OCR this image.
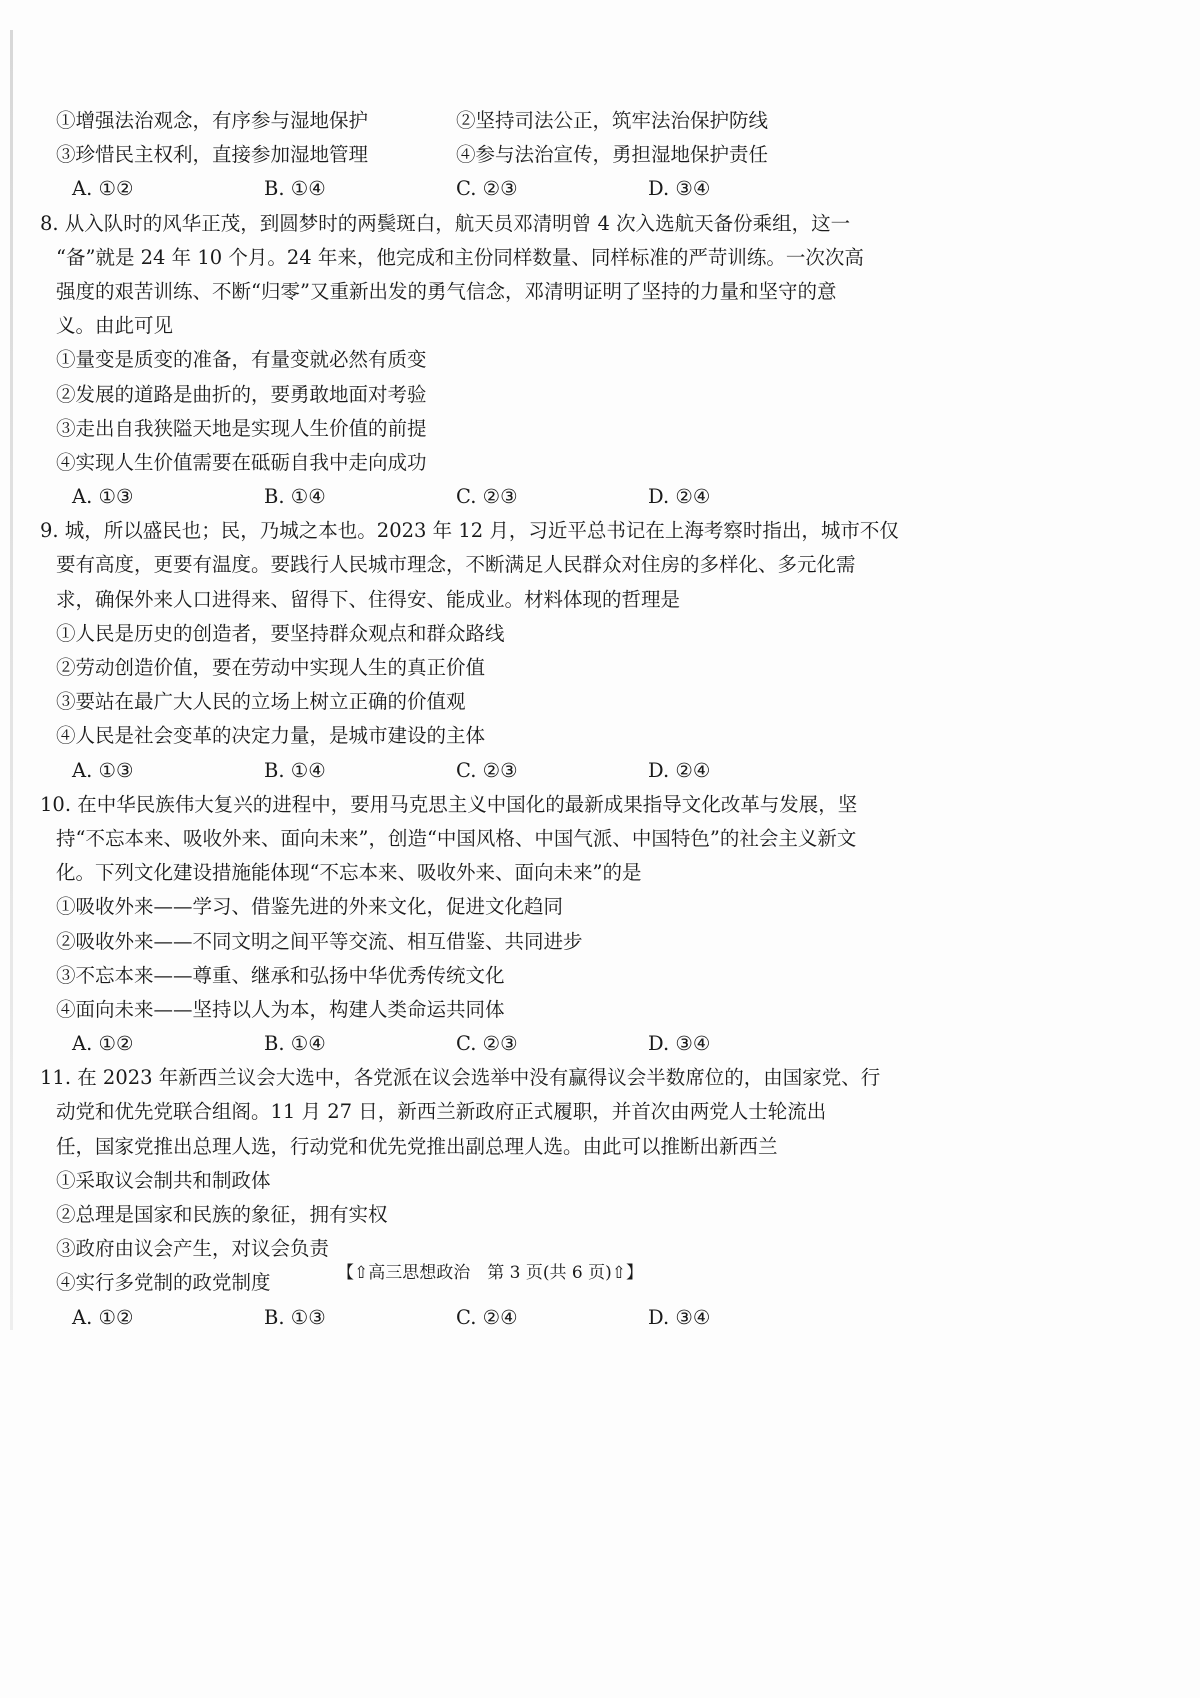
①增强法治观念，有序参与湿地保护	②坚持司法公正，筑牢法治保护防线
③珍惜民主权利，直接参加湿地管理	④参与法治宣传，勇担湿地保护责任
A. ①②	B. ①④	C. ②③	D. ③④
8. 从入队时的风华正茂，到圆梦时的两鬓斑白，航天员邓清明曾 4 次入选航天备份乘组，这一
“备”就是 24 年 10 个月。24 年来，他完成和主份同样数量、同样标准的严苛训练。一次次高
强度的艰苦训练、不断“归零”又重新出发的勇气信念，邓清明证明了坚持的力量和坚守的意
义。由此可见
①量变是质变的准备，有量变就必然有质变
②发展的道路是曲折的，要勇敢地面对考验
③走出自我狭隘天地是实现人生价值的前提
④实现人生价值需要在砥砺自我中走向成功
A. ①③	B. ①④	C. ②③	D. ②④
9. 城，所以盛民也；民，乃城之本也。2023 年 12 月，习近平总书记在上海考察时指出，城市不仅
要有高度，更要有温度。要践行人民城市理念，不断满足人民群众对住房的多样化、多元化需
求，确保外来人口进得来、留得下、住得安、能成业。材料体现的哲理是
①人民是历史的创造者，要坚持群众观点和群众路线
②劳动创造价值，要在劳动中实现人生的真正价值
③要站在最广大人民的立场上树立正确的价值观
④人民是社会变革的决定力量，是城市建设的主体
A. ①③	B. ①④	C. ②③	D. ②④
10. 在中华民族伟大复兴的进程中，要用马克思主义中国化的最新成果指导文化改革与发展，坚
持“不忘本来、吸收外来、面向未来”，创造“中国风格、中国气派、中国特色”的社会主义新文
化。下列文化建设措施能体现“不忘本来、吸收外来、面向未来”的是
①吸收外来——学习、借鉴先进的外来文化，促进文化趋同
②吸收外来——不同文明之间平等交流、相互借鉴、共同进步
③不忘本来——尊重、继承和弘扬中华优秀传统文化
④面向未来——坚持以人为本，构建人类命运共同体
A. ①②	B. ①④	C. ②③	D. ③④
11. 在 2023 年新西兰议会大选中，各党派在议会选举中没有赢得议会半数席位的，由国家党、行
动党和优先党联合组阁。11 月 27 日，新西兰新政府正式履职，并首次由两党人士轮流出
任，国家党推出总理人选，行动党和优先党推出副总理人选。由此可以推断出新西兰
①采取议会制共和制政体
②总理是国家和民族的象征，拥有实权
③政府由议会产生，对议会负责
④实行多党制的政党制度
A. ①②	B. ①③	C. ②④	D. ③④
【⇧高三思想政治　第 3 页(共 6 页)⇧】
